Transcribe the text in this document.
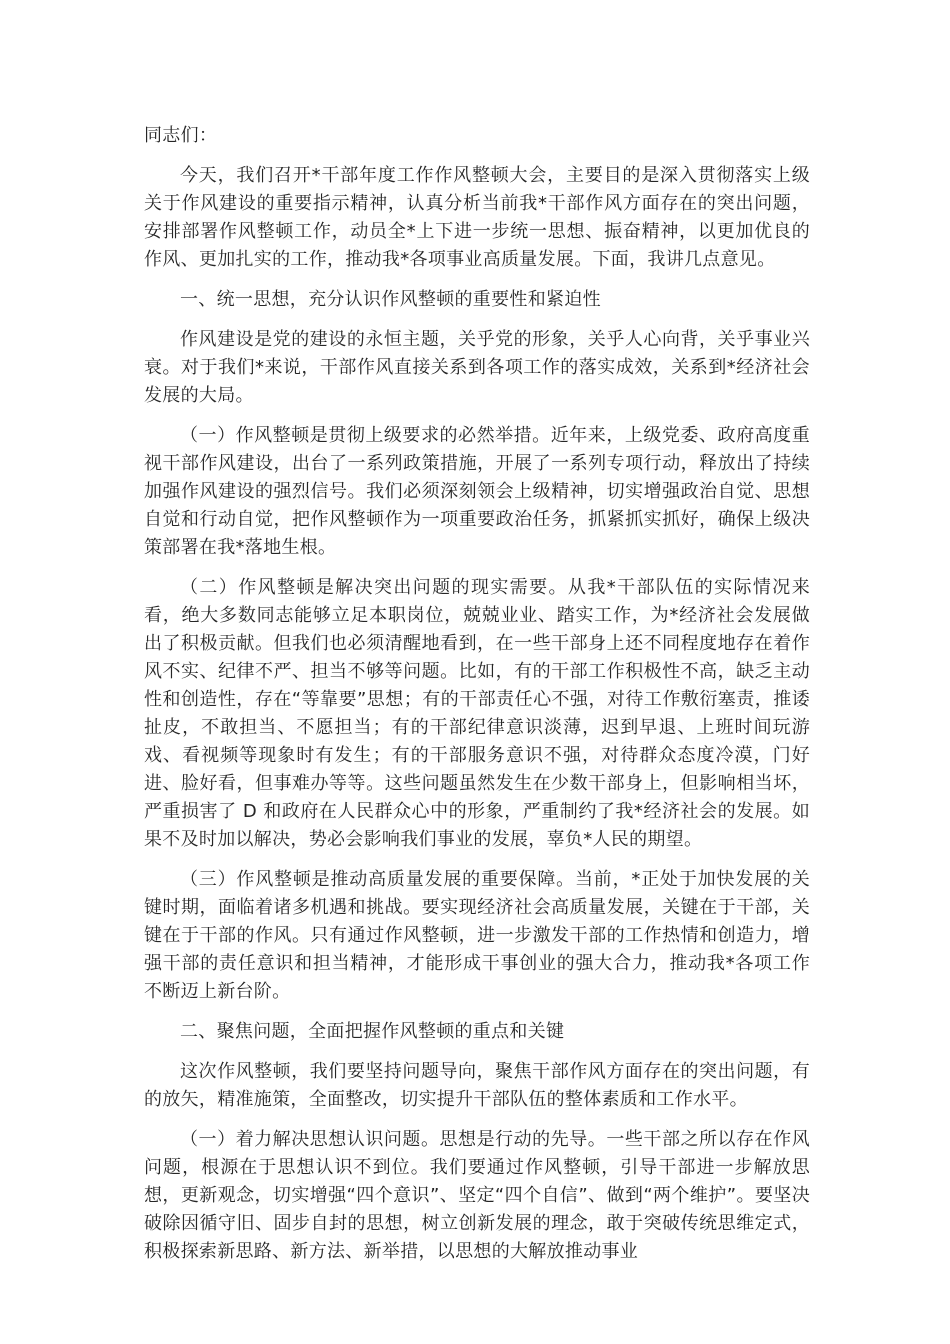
同志们：

今天，我们召开*干部年度工作作风整顿大会，主要目的是深入贯彻落实上级关于作风建设的重要指示精神，认真分析当前我*干部作风方面存在的突出问题，安排部署作风整顿工作，动员全*上下进一步统一思想、振奋精神，以更加优良的作风、更加扎实的工作，推动我*各项事业高质量发展。下面，我讲几点意见。

一、统一思想，充分认识作风整顿的重要性和紧迫性

作风建设是党的建设的永恒主题，关乎党的形象，关乎人心向背，关乎事业兴衰。对于我们*来说，干部作风直接关系到各项工作的落实成效，关系到*经济社会发展的大局。

（一）作风整顿是贯彻上级要求的必然举措。近年来，上级党委、政府高度重视干部作风建设，出台了一系列政策措施，开展了一系列专项行动，释放出了持续加强作风建设的强烈信号。我们必须深刻领会上级精神，切实增强政治自觉、思想自觉和行动自觉，把作风整顿作为一项重要政治任务，抓紧抓实抓好，确保上级决策部署在我*落地生根。

（二）作风整顿是解决突出问题的现实需要。从我*干部队伍的实际情况来看，绝大多数同志能够立足本职岗位，兢兢业业、踏实工作，为*经济社会发展做出了积极贡献。但我们也必须清醒地看到，在一些干部身上还不同程度地存在着作风不实、纪律不严、担当不够等问题。比如，有的干部工作积极性不高，缺乏主动性和创造性，存在“等靠要”思想；有的干部责任心不强，对待工作敷衍塞责，推诿扯皮，不敢担当、不愿担当；有的干部纪律意识淡薄，迟到早退、上班时间玩游戏、看视频等现象时有发生；有的干部服务意识不强，对待群众态度冷漠，门好进、脸好看，但事难办等等。这些问题虽然发生在少数干部身上，但影响相当坏，严重损害了 D 和政府在人民群众心中的形象，严重制约了我*经济社会的发展。如果不及时加以解决，势必会影响我们事业的发展，辜负*人民的期望。

（三）作风整顿是推动高质量发展的重要保障。当前，*正处于加快发展的关键时期，面临着诸多机遇和挑战。要实现经济社会高质量发展，关键在于干部，关键在于干部的作风。只有通过作风整顿，进一步激发干部的工作热情和创造力，增强干部的责任意识和担当精神，才能形成干事创业的强大合力，推动我*各项工作不断迈上新台阶。

二、聚焦问题，全面把握作风整顿的重点和关键

这次作风整顿，我们要坚持问题导向，聚焦干部作风方面存在的突出问题，有的放矢，精准施策，全面整改，切实提升干部队伍的整体素质和工作水平。

（一）着力解决思想认识问题。思想是行动的先导。一些干部之所以存在作风问题，根源在于思想认识不到位。我们要通过作风整顿，引导干部进一步解放思想，更新观念，切实增强“四个意识”、坚定“四个自信”、做到“两个维护”。要坚决破除因循守旧、固步自封的思想，树立创新发展的理念，敢于突破传统思维定式，积极探索新思路、新方法、新举措，以思想的大解放推动事业
